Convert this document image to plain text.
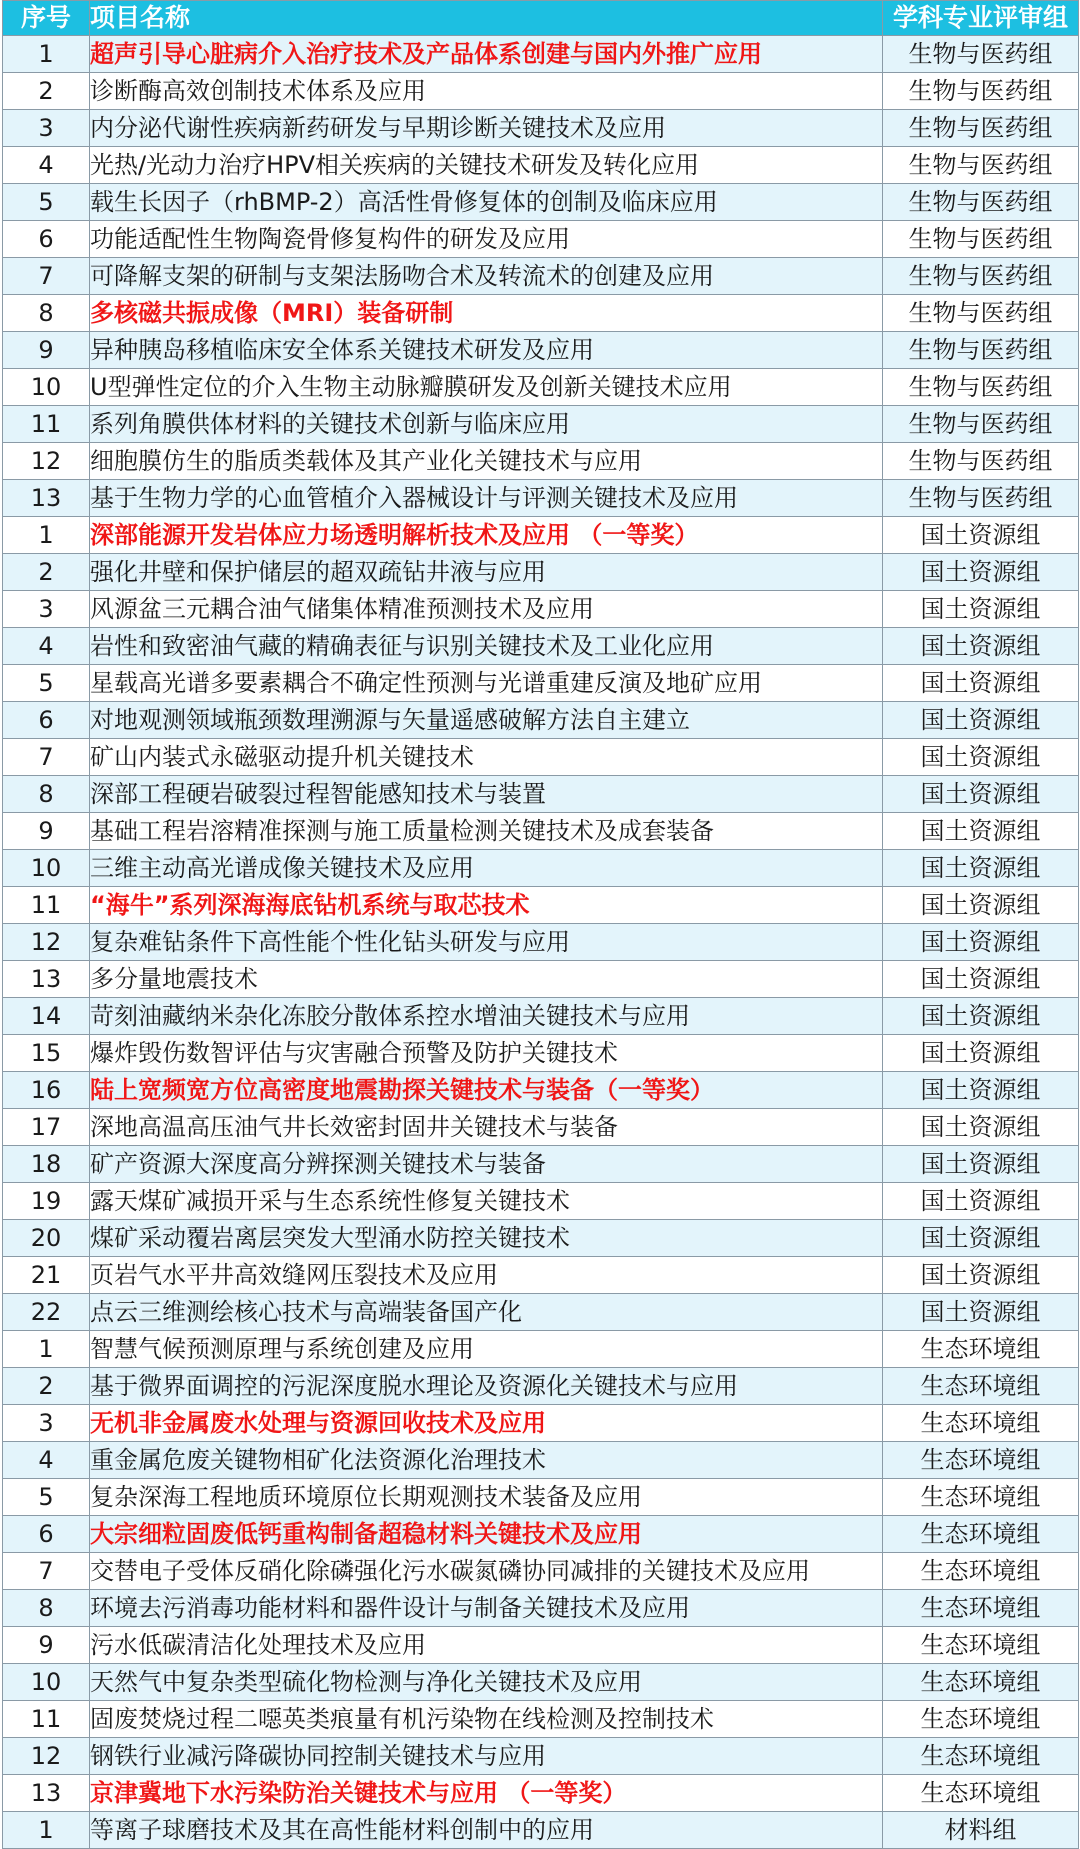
序号	项目名称	学科专业评审组
1	超声引导心脏病介入治疗技术及产品体系创建与国内外推广应用	生物与医药组
2	诊断酶高效创制技术体系及应用	生物与医药组
3	内分泌代谢性疾病新药研发与早期诊断关键技术及应用	生物与医药组
4	光热/光动力治疗HPV相关疾病的关键技术研发及转化应用	生物与医药组
5	载生长因子（rhBMP-2）高活性骨修复体的创制及临床应用	生物与医药组
6	功能适配性生物陶瓷骨修复构件的研发及应用	生物与医药组
7	可降解支架的研制与支架法肠吻合术及转流术的创建及应用	生物与医药组
8	多核磁共振成像（MRI）装备研制	生物与医药组
9	异种胰岛移植临床安全体系关键技术研发及应用	生物与医药组
10	U型弹性定位的介入生物主动脉瓣膜研发及创新关键技术应用	生物与医药组
11	系列角膜供体材料的关键技术创新与临床应用	生物与医药组
12	细胞膜仿生的脂质类载体及其产业化关键技术与应用	生物与医药组
13	基于生物力学的心血管植介入器械设计与评测关键技术及应用	生物与医药组
1	深部能源开发岩体应力场透明解析技术及应用 （一等奖）	国土资源组
2	强化井壁和保护储层的超双疏钻井液与应用	国土资源组
3	风源盆三元耦合油气储集体精准预测技术及应用	国土资源组
4	岩性和致密油气藏的精确表征与识别关键技术及工业化应用	国土资源组
5	星载高光谱多要素耦合不确定性预测与光谱重建反演及地矿应用	国土资源组
6	对地观测领域瓶颈数理溯源与矢量遥感破解方法自主建立	国土资源组
7	矿山内装式永磁驱动提升机关键技术	国土资源组
8	深部工程硬岩破裂过程智能感知技术与装置	国土资源组
9	基础工程岩溶精准探测与施工质量检测关键技术及成套装备	国土资源组
10	三维主动高光谱成像关键技术及应用	国土资源组
11	“海牛”系列深海海底钻机系统与取芯技术	国土资源组
12	复杂难钻条件下高性能个性化钻头研发与应用	国土资源组
13	多分量地震技术	国土资源组
14	苛刻油藏纳米杂化冻胶分散体系控水增油关键技术与应用	国土资源组
15	爆炸毁伤数智评估与灾害融合预警及防护关键技术	国土资源组
16	陆上宽频宽方位高密度地震勘探关键技术与装备（一等奖）	国土资源组
17	深地高温高压油气井长效密封固井关键技术与装备	国土资源组
18	矿产资源大深度高分辨探测关键技术与装备	国土资源组
19	露天煤矿减损开采与生态系统性修复关键技术	国土资源组
20	煤矿采动覆岩离层突发大型涌水防控关键技术	国土资源组
21	页岩气水平井高效缝网压裂技术及应用	国土资源组
22	点云三维测绘核心技术与高端装备国产化	国土资源组
1	智慧气候预测原理与系统创建及应用	生态环境组
2	基于微界面调控的污泥深度脱水理论及资源化关键技术与应用	生态环境组
3	无机非金属废水处理与资源回收技术及应用	生态环境组
4	重金属危废关键物相矿化法资源化治理技术	生态环境组
5	复杂深海工程地质环境原位长期观测技术装备及应用	生态环境组
6	大宗细粒固废低钙重构制备超稳材料关键技术及应用	生态环境组
7	交替电子受体反硝化除磷强化污水碳氮磷协同减排的关键技术及应用	生态环境组
8	环境去污消毒功能材料和器件设计与制备关键技术及应用	生态环境组
9	污水低碳清洁化处理技术及应用	生态环境组
10	天然气中复杂类型硫化物检测与净化关键技术及应用	生态环境组
11	固废焚烧过程二噁英类痕量有机污染物在线检测及控制技术	生态环境组
12	钢铁行业减污降碳协同控制关键技术与应用	生态环境组
13	京津冀地下水污染防治关键技术与应用 （一等奖）	生态环境组
1	等离子球磨技术及其在高性能材料创制中的应用	材料组
